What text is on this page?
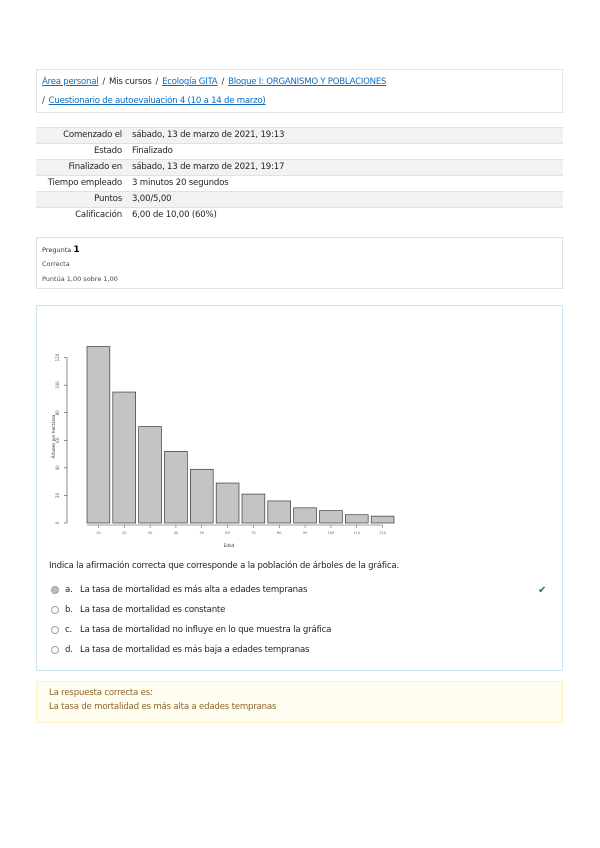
Área personal / Mis cursos / Ecología GITA / Bloque I: ORGANISMO Y POBLACIONES
/ Cuestionario de autoevaluación 4 (10 a 14 de marzo)
Comenzado el	sábado, 13 de marzo de 2021, 19:13
Estado	Finalizado
Finalizado en	sábado, 13 de marzo de 2021, 19:17
Tiempo empleado	3 minutos 20 segundos
Puntos	3,00/5,00
Calificación	6,00 de 10,00 (60%)
Pregunta 1
Correcta
Puntúa 1,00 sobre 1,00
0
20
40
60
80
100
120
Árboles por hectárea
10	20	30	40	50	60	70	80	90	100	110	120
Edad
Indica la afirmación correcta que corresponde a la población de árboles de la gráfica.
a. La tasa de mortalidad es más alta a edades tempranas
b. La tasa de mortalidad es constante
c. La tasa de mortalidad no influye en lo que muestra la gráfica
d. La tasa de mortalidad es más baja a edades tempranas
✔
La respuesta correcta es:
La tasa de mortalidad es más alta a edades tempranas
